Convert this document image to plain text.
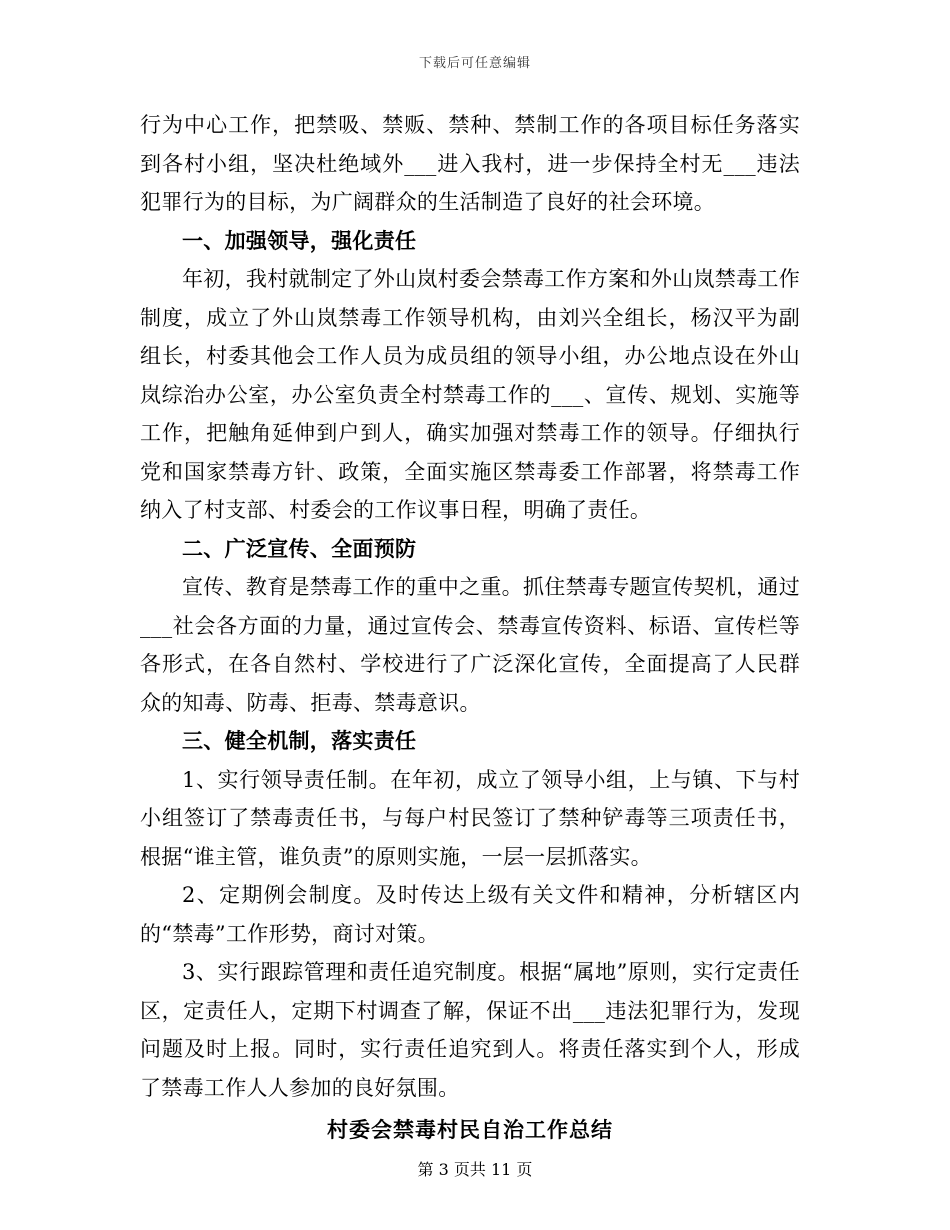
下载后可任意编辑

行为中心工作，把禁吸、禁贩、禁种、禁制工作的各项目标任务落实到各村小组，坚决杜绝域外___进入我村，进一步保持全村无___违法犯罪行为的目标，为广阔群众的生活制造了良好的社会环境。

一、加强领导，强化责任

年初，我村就制定了外山岚村委会禁毒工作方案和外山岚禁毒工作制度，成立了外山岚禁毒工作领导机构，由刘兴全组长，杨汉平为副组长，村委其他会工作人员为成员组的领导小组，办公地点设在外山岚综治办公室，办公室负责全村禁毒工作的___、宣传、规划、实施等工作，把触角延伸到户到人，确实加强对禁毒工作的领导。仔细执行党和国家禁毒方针、政策，全面实施区禁毒委工作部署，将禁毒工作纳入了村支部、村委会的工作议事日程，明确了责任。

二、广泛宣传、全面预防

宣传、教育是禁毒工作的重中之重。抓住禁毒专题宣传契机，通过___社会各方面的力量，通过宣传会、禁毒宣传资料、标语、宣传栏等各形式，在各自然村、学校进行了广泛深化宣传，全面提高了人民群众的知毒、防毒、拒毒、禁毒意识。

三、健全机制，落实责任

1、实行领导责任制。在年初，成立了领导小组，上与镇、下与村小组签订了禁毒责任书，与每户村民签订了禁种铲毒等三项责任书，根据“谁主管，谁负责”的原则实施，一层一层抓落实。

2、定期例会制度。及时传达上级有关文件和精神，分析辖区内的“禁毒”工作形势，商讨对策。

3、实行跟踪管理和责任追究制度。根据“属地”原则，实行定责任区，定责任人，定期下村调查了解，保证不出___违法犯罪行为，发现问题及时上报。同时，实行责任追究到人。将责任落实到个人，形成了禁毒工作人人参加的良好氛围。

村委会禁毒村民自治工作总结

第 3 页共 11 页
